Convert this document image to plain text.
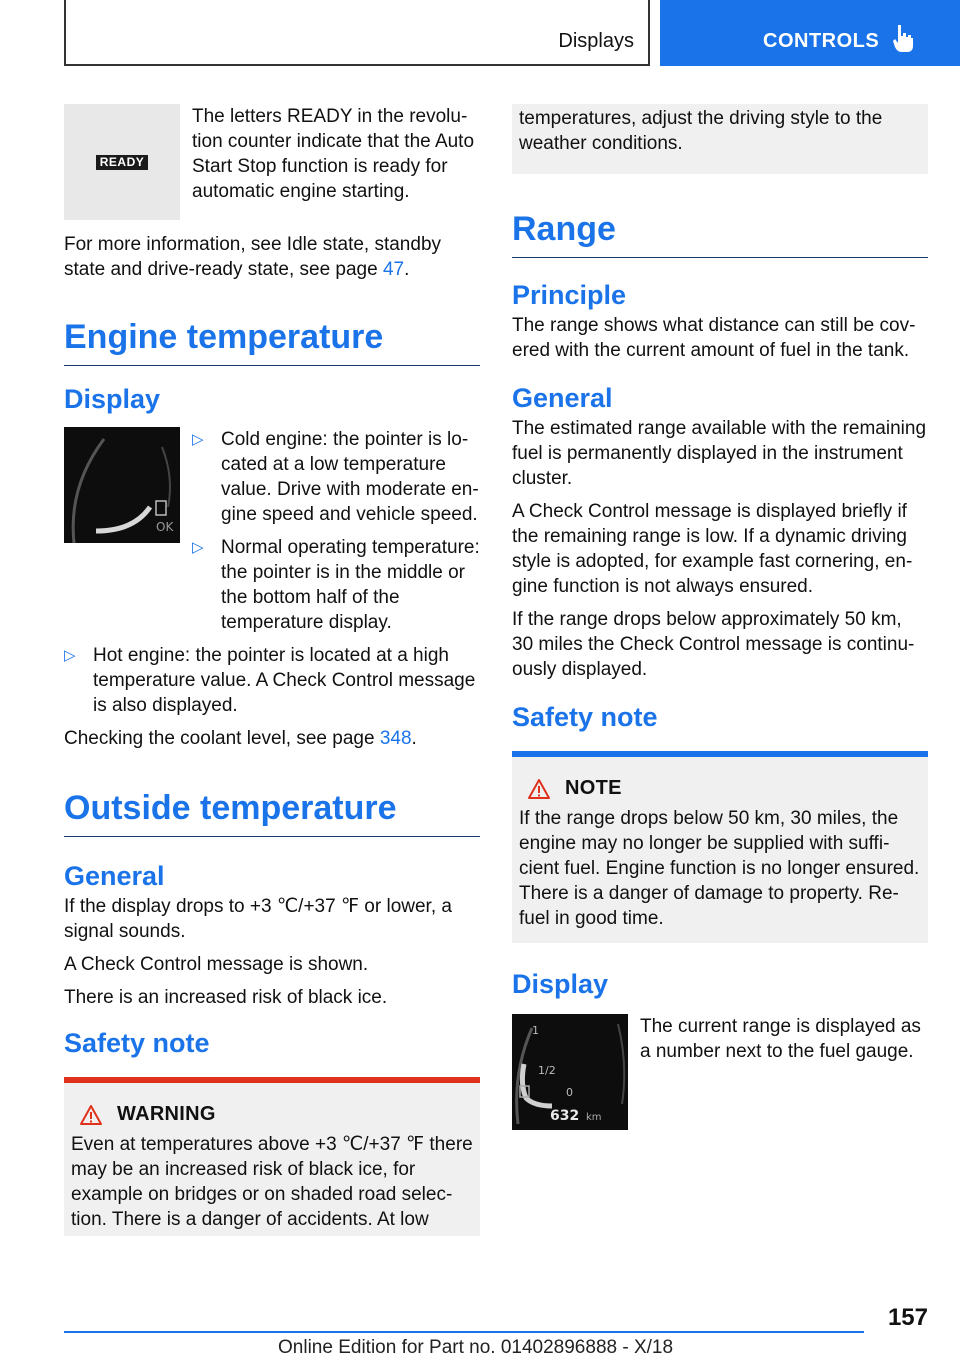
Displays	CONTROLS
READY

The letters READY in the revolution counter indicate that the Auto Start Stop function is ready for automatic engine starting.

For more information, see Idle state, standby state and drive-ready state, see page 47.

Engine temperature
Display
OK
▷ Cold engine: the pointer is located at a low temperature value. Drive with moderate engine speed and vehicle speed.
▷ Normal operating temperature: the pointer is in the middle or the bottom half of the temperature display.
▷ Hot engine: the pointer is located at a high temperature value. A Check Control message is also displayed.

Checking the coolant level, see page 348.

Outside temperature
General

If the display drops to +3 ℃/+37 ℉ or lower, a signal sounds.

A Check Control message is shown.

There is an increased risk of black ice.

Safety note
WARNING

Even at temperatures above +3 ℃/+37 ℉ there may be an increased risk of black ice, for example on bridges or on shaded road selection. There is a danger of accidents. At low

temperatures, adjust the driving style to the weather conditions.

Range
Principle

The range shows what distance can still be covered with the current amount of fuel in the tank.

General

The estimated range available with the remaining fuel is permanently displayed in the instrument cluster.

A Check Control message is displayed briefly if the remaining range is low. If a dynamic driving style is adopted, for example fast cornering, engine function is not always ensured.

If the range drops below approximately 50 km, 30 miles the Check Control message is continuously displayed.

Safety note
NOTE

If the range drops below 50 km, 30 miles, the engine may no longer be supplied with sufficient fuel. Engine function is no longer ensured. There is a danger of damage to property. Refuel in good time.

Display
1
1/2
0
632 km

The current range is displayed as a number next to the fuel gauge.

157
Online Edition for Part no. 01402896888 - X/18
